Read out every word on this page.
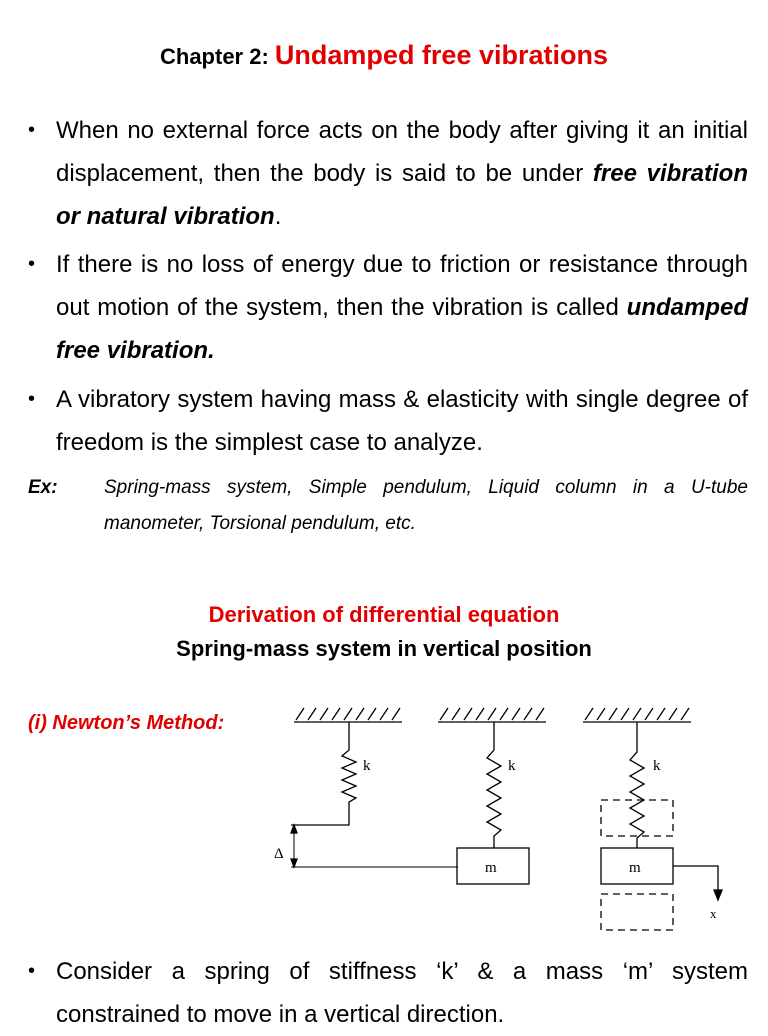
Chapter 2: Undamped free vibrations
• When no external force acts on the body after giving it an initial displacement, then the body is said to be under free vibration or natural vibration.
• If there is no loss of energy due to friction or resistance through out motion of the system, then the vibration is called undamped free vibration.
• A vibratory system having mass & elasticity with single degree of freedom is the simplest case to analyze.
Ex: Spring-mass system, Simple pendulum, Liquid column in a U-tube manometer, Torsional pendulum, etc.
Derivation of differential equation
Spring-mass system in vertical position
(i) Newton’s Method:
k	k	k
m	m
Δ
x
• Consider a spring of stiffness ‘k’ & a mass ‘m’ system constrained to move in a vertical direction.
